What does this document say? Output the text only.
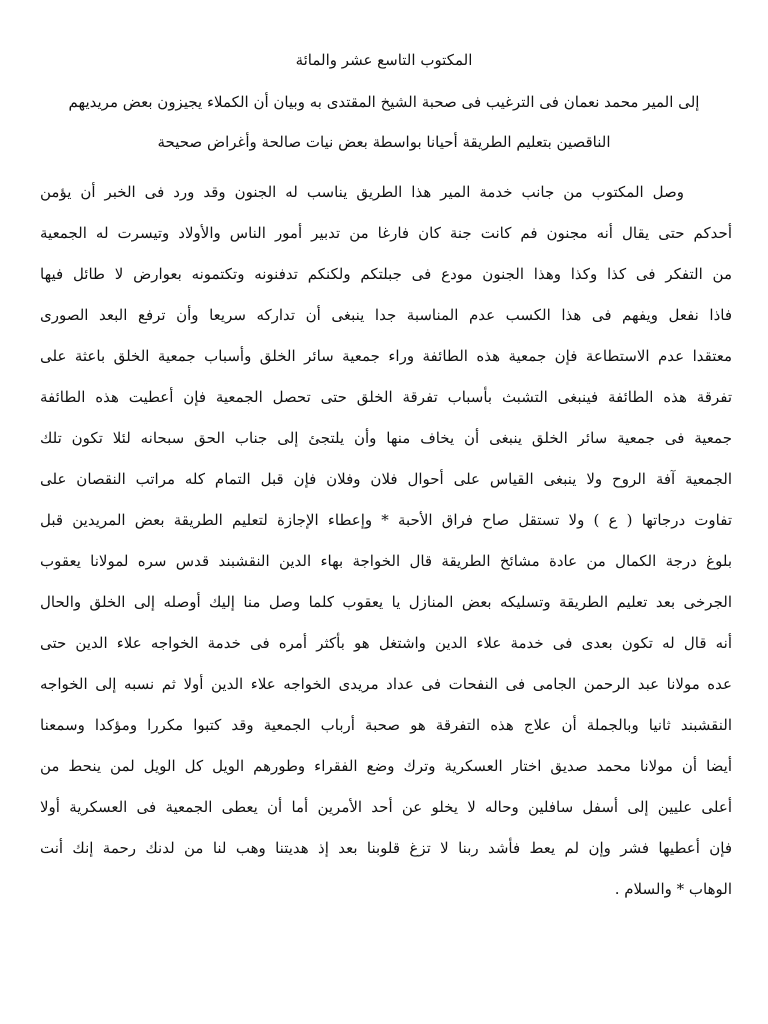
المكتوب التاسع عشر والمائة
إلى المير محمد نعمان فى الترغيب فى صحبة الشيخ المقتدى به وبيان أن الكملاء يجيزون بعض مريديهم
الناقصين بتعليم الطريقة أحيانا بواسطة بعض نيات صالحة وأغراض صحيحة
وصل المكتوب من جانب خدمة المير هذا الطريق يناسب له الجنون وقد ورد فى الخبر أن يؤمن
أحدكم حتى يقال أنه مجنون فم كانت جنة كان فارغا من تدبير أمور الناس والأولاد وتيسرت له الجمعية
من التفكر فى كذا وكذا وهذا الجنون مودع فى جبلتكم ولكنكم تدفنونه وتكتمونه بعوارض لا طائل فيها
فاذا نفعل ويفهم فى هذا الكسب عدم المناسبة جدا ينبغى أن تداركه سريعا وأن ترفع البعد الصورى
معتقدا عدم الاستطاعة فإن جمعية هذه الطائفة وراء جمعية سائر الخلق وأسباب جمعية الخلق باعثة على
تفرقة هذه الطائفة فينبغى التشبث بأسباب تفرقة الخلق حتى تحصل الجمعية فإن أعطيت هذه الطائفة
جمعية فى جمعية سائر الخلق ينبغى أن يخاف منها وأن يلتجئ إلى جناب الحق سبحانه لئلا تكون تلك
الجمعية آفة الروح ولا ينبغى القياس على أحوال فلان وفلان فإن قبل التمام كله مراتب النقصان على
تفاوت درجاتها ( ع ) ولا تستقل صاح فراق الأحبة * وإعطاء الإجازة لتعليم الطريقة بعض المريدين قبل
بلوغ درجة الكمال من عادة مشائخ الطريقة قال الخواجة بهاء الدين النقشبند قدس سره لمولانا يعقوب
الجرخى بعد تعليم الطريقة وتسليكه بعض المنازل يا يعقوب كلما وصل منا إليك أوصله إلى الخلق والحال
أنه قال له تكون بعدى فى خدمة علاء الدين واشتغل هو بأكثر أمره فى خدمة الخواجه علاء الدين حتى
عده مولانا عبد الرحمن الجامى فى النفحات فى عداد مريدى الخواجه علاء الدين أولا ثم نسبه إلى الخواجه
النقشبند ثانيا وبالجملة أن علاج هذه التفرقة هو صحبة أرباب الجمعية وقد كتبوا مكررا ومؤكدا وسمعنا
أيضا أن مولانا محمد صديق اختار العسكرية وترك وضع الفقراء وطورهم الويل كل الويل لمن ينحط من
أعلى عليين إلى أسفل سافلين وحاله لا يخلو عن أحد الأمرين أما أن يعطى الجمعية فى العسكرية أولا
فإن أعطيها فشر وإن لم يعط فأشد ربنا لا تزغ قلوبنا بعد إذ هديتنا وهب لنا من لدنك رحمة إنك أنت
الوهاب * والسلام .
